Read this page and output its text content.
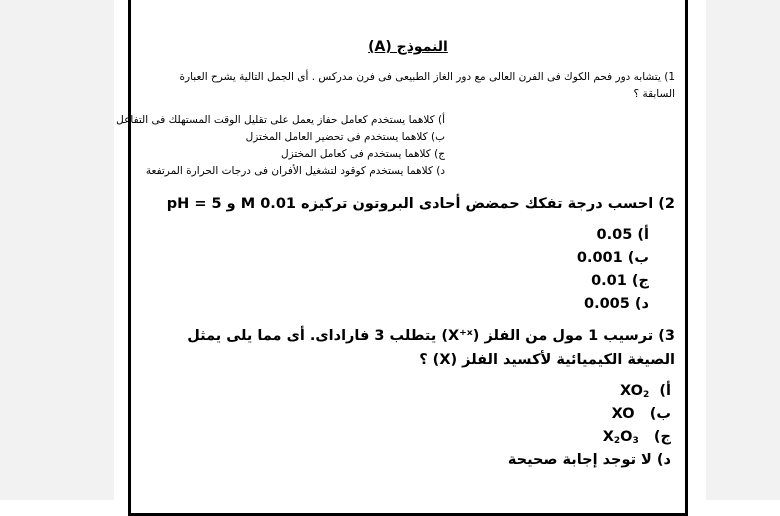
النموذج (A)
1) يتشابه دور فحم الكوك فى الفرن العالى مع دور الغاز الطبيعى فى فرن مدركس . أى الجمل التالية يشرح العبارة السابقة ؟
أ) كلاهما يستخدم كعامل حفاز يعمل على تقليل الوقت المستهلك فى التفاعل
ب) كلاهما يستخدم فى تحضير العامل المختزل
ج) كلاهما يستخدم فى كعامل المختزل
د) كلاهما يستخدم كوقود لتشغيل الأفران فى درجات الحرارة المرتفعة
2) احسب درجة تفكك حمضض أحادى البروتون تركيزه 0.01 M و pH = 5
أ) 0.05
ب) 0.001
ج) 0.01
د) 0.005
3) ترسيب 1 مول من الفلز (X⁺ˣ) يتطلب 3 فاراداى. أى مما يلى يمثل الصيغة الكيميائية لأكسيد الفلز (X) ؟
أ)  $XO_2$
ب)   XO
ج)   $X_2O_3$
د) لا توجد إجابة صحيحة
